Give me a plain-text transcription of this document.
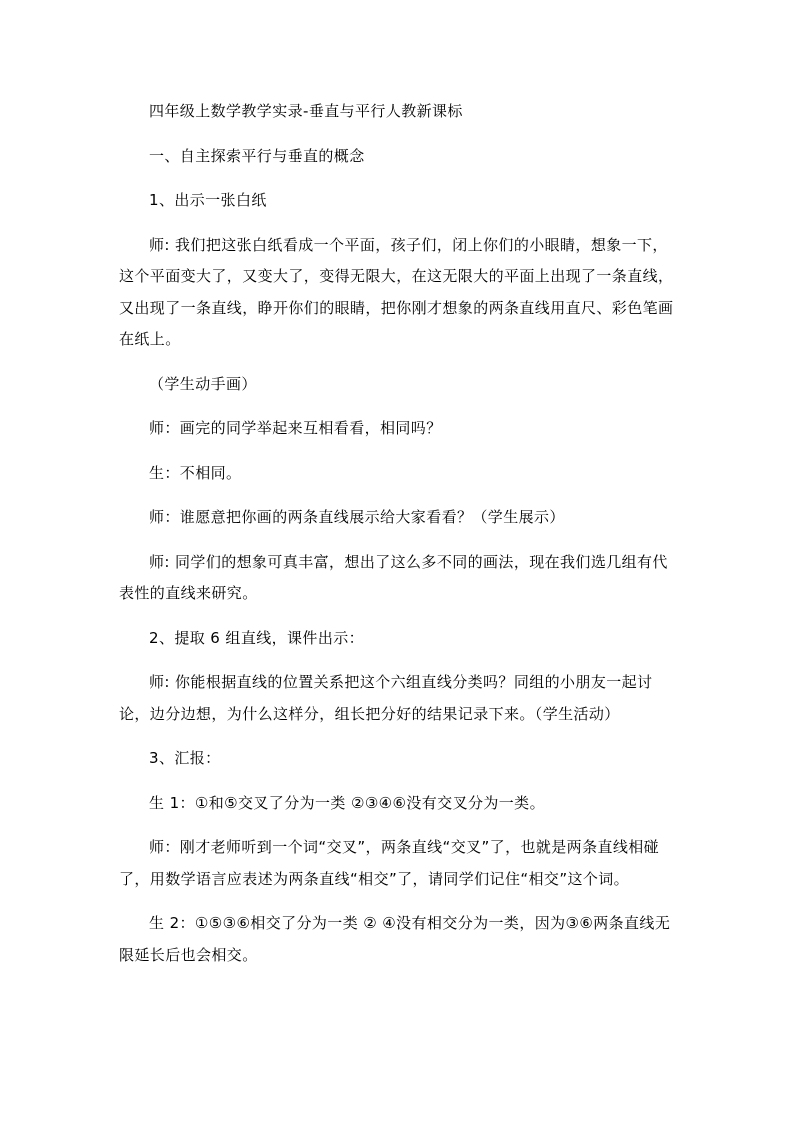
四年级上数学教学实录-垂直与平行人教新课标

一、自主探索平行与垂直的概念

1、出示一张白纸

师: 我们把这张白纸看成一个平面，孩子们，闭上你们的小眼睛，想象一下，这个平面变大了，又变大了，变得无限大，在这无限大的平面上出现了一条直线，又出现了一条直线，睁开你们的眼睛，把你刚才想象的两条直线用直尺、彩色笔画在纸上。

（学生动手画）

师：画完的同学举起来互相看看，相同吗？

生：不相同。

师：谁愿意把你画的两条直线展示给大家看看？（学生展示）

师: 同学们的想象可真丰富，想出了这么多不同的画法，现在我们选几组有代表性的直线来研究。

2、提取 6 组直线，课件出示：

师: 你能根据直线的位置关系把这个六组直线分类吗？同组的小朋友一起讨论，边分边想，为什么这样分，组长把分好的结果记录下来。（学生活动）

3、汇报：

生 1：①和⑤交叉了分为一类 ②③④⑥没有交叉分为一类。

师：刚才老师听到一个词“交叉”，两条直线“交叉”了，也就是两条直线相碰了，用数学语言应表述为两条直线“相交”了，请同学们记住“相交”这个词。

生 2：①⑤③⑥相交了分为一类 ② ④没有相交分为一类，因为③⑥两条直线无限延长后也会相交。
